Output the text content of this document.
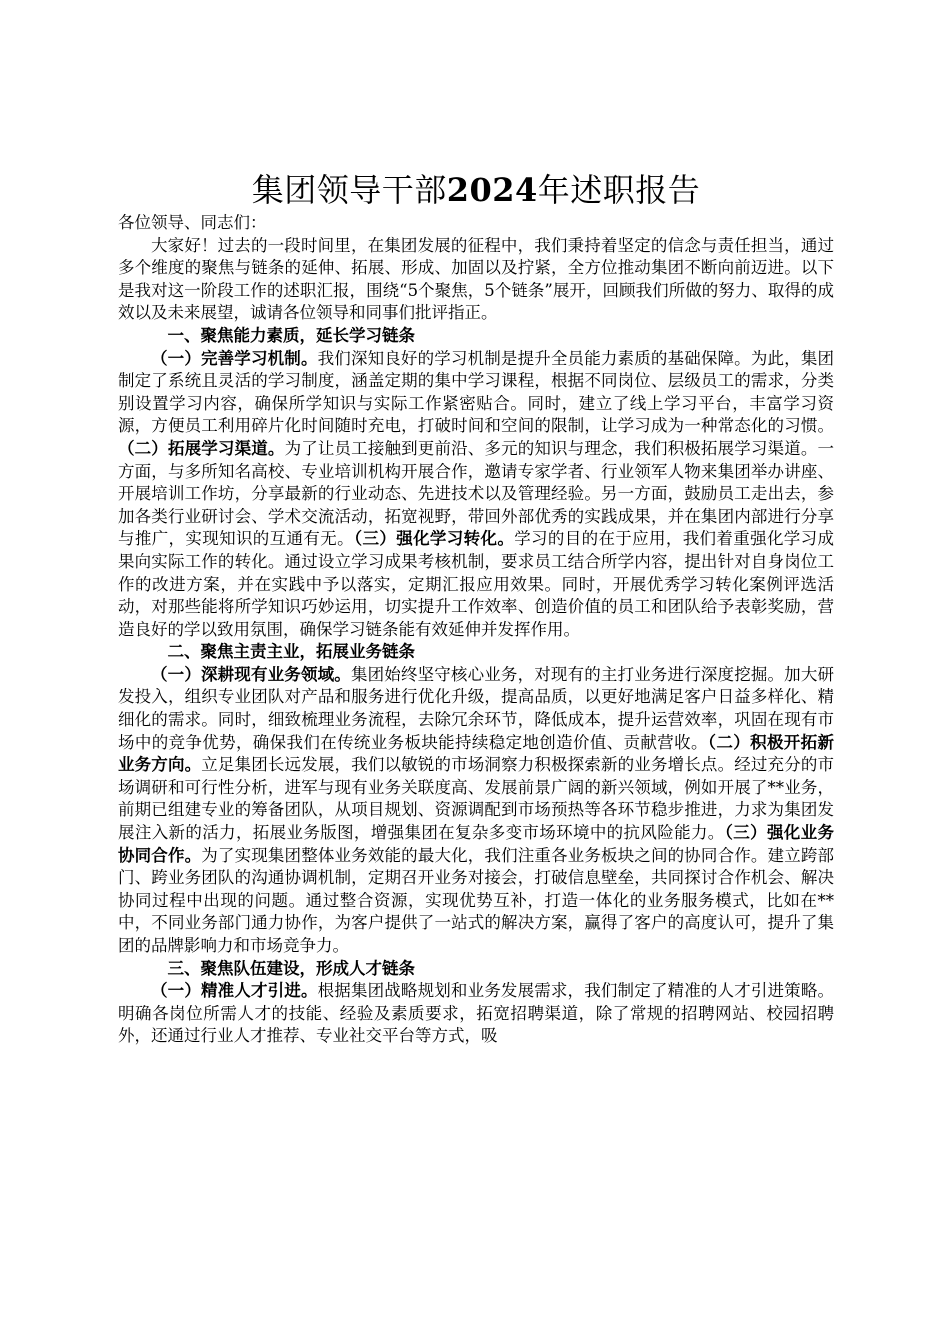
集团领导干部2024年述职报告

各位领导、同志们：

大家好！过去的一段时间里，在集团发展的征程中，我们秉持着坚定的信念与责任担当，通过多个维度的聚焦与链条的延伸、拓展、形成、加固以及拧紧，全方位推动集团不断向前迈进。以下是我对这一阶段工作的述职汇报，围绕“5个聚焦，5个链条”展开，回顾我们所做的努力、取得的成效以及未来展望，诚请各位领导和同事们批评指正。

一、聚焦能力素质，延长学习链条

（一）完善学习机制。我们深知良好的学习机制是提升全员能力素质的基础保障。为此，集团制定了系统且灵活的学习制度，涵盖定期的集中学习课程，根据不同岗位、层级员工的需求，分类别设置学习内容，确保所学知识与实际工作紧密贴合。同时，建立了线上学习平台，丰富学习资源，方便员工利用碎片化时间随时充电，打破时间和空间的限制，让学习成为一种常态化的习惯。（二）拓展学习渠道。为了让员工接触到更前沿、多元的知识与理念，我们积极拓展学习渠道。一方面，与多所知名高校、专业培训机构开展合作，邀请专家学者、行业领军人物来集团举办讲座、开展培训工作坊，分享最新的行业动态、先进技术以及管理经验。另一方面，鼓励员工走出去，参加各类行业研讨会、学术交流活动，拓宽视野，带回外部优秀的实践成果，并在集团内部进行分享与推广，实现知识的互通有无。（三）强化学习转化。学习的目的在于应用，我们着重强化学习成果向实际工作的转化。通过设立学习成果考核机制，要求员工结合所学内容，提出针对自身岗位工作的改进方案，并在实践中予以落实，定期汇报应用效果。同时，开展优秀学习转化案例评选活动，对那些能将所学知识巧妙运用，切实提升工作效率、创造价值的员工和团队给予表彰奖励，营造良好的学以致用氛围，确保学习链条能有效延伸并发挥作用。

二、聚焦主责主业，拓展业务链条

（一）深耕现有业务领域。集团始终坚守核心业务，对现有的主打业务进行深度挖掘。加大研发投入，组织专业团队对产品和服务进行优化升级，提高品质，以更好地满足客户日益多样化、精细化的需求。同时，细致梳理业务流程，去除冗余环节，降低成本，提升运营效率，巩固在现有市场中的竞争优势，确保我们在传统业务板块能持续稳定地创造价值、贡献营收。（二）积极开拓新业务方向。立足集团长远发展，我们以敏锐的市场洞察力积极探索新的业务增长点。经过充分的市场调研和可行性分析，进军与现有业务关联度高、发展前景广阔的新兴领域，例如开展了**业务，前期已组建专业的筹备团队，从项目规划、资源调配到市场预热等各环节稳步推进，力求为集团发展注入新的活力，拓展业务版图，增强集团在复杂多变市场环境中的抗风险能力。（三）强化业务协同合作。为了实现集团整体业务效能的最大化，我们注重各业务板块之间的协同合作。建立跨部门、跨业务团队的沟通协调机制，定期召开业务对接会，打破信息壁垒，共同探讨合作机会、解决协同过程中出现的问题。通过整合资源，实现优势互补，打造一体化的业务服务模式，比如在**中，不同业务部门通力协作，为客户提供了一站式的解决方案，赢得了客户的高度认可，提升了集团的品牌影响力和市场竞争力。

三、聚焦队伍建设，形成人才链条

（一）精准人才引进。根据集团战略规划和业务发展需求，我们制定了精准的人才引进策略。明确各岗位所需人才的技能、经验及素质要求，拓宽招聘渠道，除了常规的招聘网站、校园招聘外，还通过行业人才推荐、专业社交平台等方式，吸
